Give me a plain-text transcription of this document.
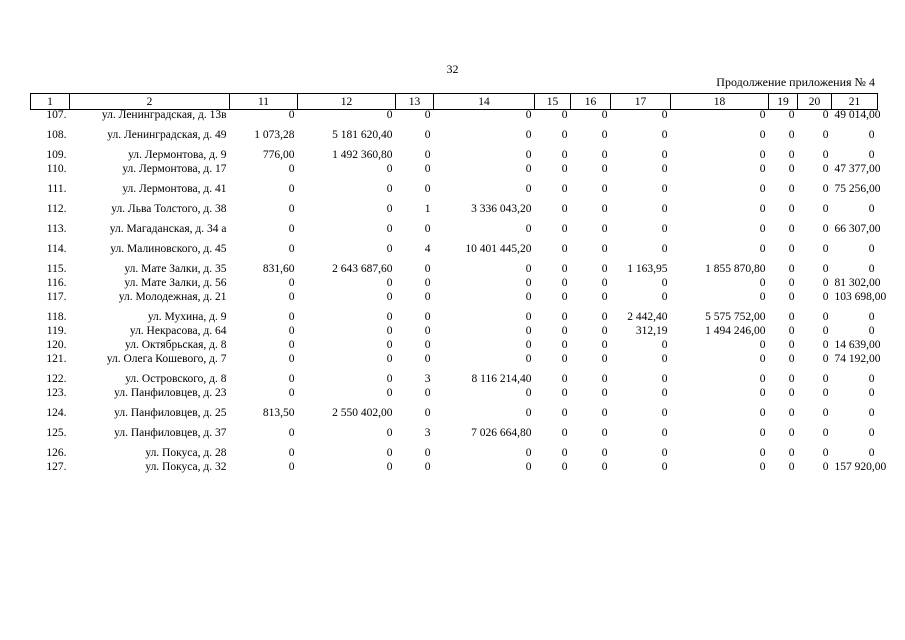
32
Продолжение приложения № 4
1	2	11	12	13	14	15	16	17	18	19	20	21
107.	ул. Ленинградская, д. 13в	0	0	0	0	0	0	0	0	0	0	49 014,00
108.	ул. Ленинградская, д. 49	1 073,28	5 181 620,40	0	0	0	0	0	0	0	0	0
109.	ул. Лермонтова, д. 9	776,00	1 492 360,80	0	0	0	0	0	0	0	0	0
110.	ул. Лермонтова, д. 17	0	0	0	0	0	0	0	0	0	0	47 377,00
111.	ул. Лермонтова, д. 41	0	0	0	0	0	0	0	0	0	0	75 256,00
112.	ул. Льва Толстого, д. 38	0	0	1	3 336 043,20	0	0	0	0	0	0	0
113.	ул. Магаданская, д. 34 а	0	0	0	0	0	0	0	0	0	0	66 307,00
114.	ул. Малиновского, д. 45	0	0	4	10 401 445,20	0	0	0	0	0	0	0
115.	ул. Мате Залки, д. 35	831,60	2 643 687,60	0	0	0	0	1 163,95	1 855 870,80	0	0	0
116.	ул. Мате Залки, д. 56	0	0	0	0	0	0	0	0	0	0	81 302,00
117.	ул. Молодежная, д. 21	0	0	0	0	0	0	0	0	0	0	103 698,00
118.	ул. Мухина, д. 9	0	0	0	0	0	0	2 442,40	5 575 752,00	0	0	0
119.	ул. Некрасова, д. 64	0	0	0	0	0	0	312,19	1 494 246,00	0	0	0
120.	ул. Октябрьская, д. 8	0	0	0	0	0	0	0	0	0	0	14 639,00
121.	ул. Олега Кошевого, д. 7	0	0	0	0	0	0	0	0	0	0	74 192,00
122.	ул. Островского, д. 8	0	0	3	8 116 214,40	0	0	0	0	0	0	0
123.	ул. Панфиловцев, д. 23	0	0	0	0	0	0	0	0	0	0	0
124.	ул. Панфиловцев, д. 25	813,50	2 550 402,00	0	0	0	0	0	0	0	0	0
125.	ул. Панфиловцев, д. 37	0	0	3	7 026 664,80	0	0	0	0	0	0	0
126.	ул. Покуса, д. 28	0	0	0	0	0	0	0	0	0	0	0
127.	ул. Покуса, д. 32	0	0	0	0	0	0	0	0	0	0	157 920,00
